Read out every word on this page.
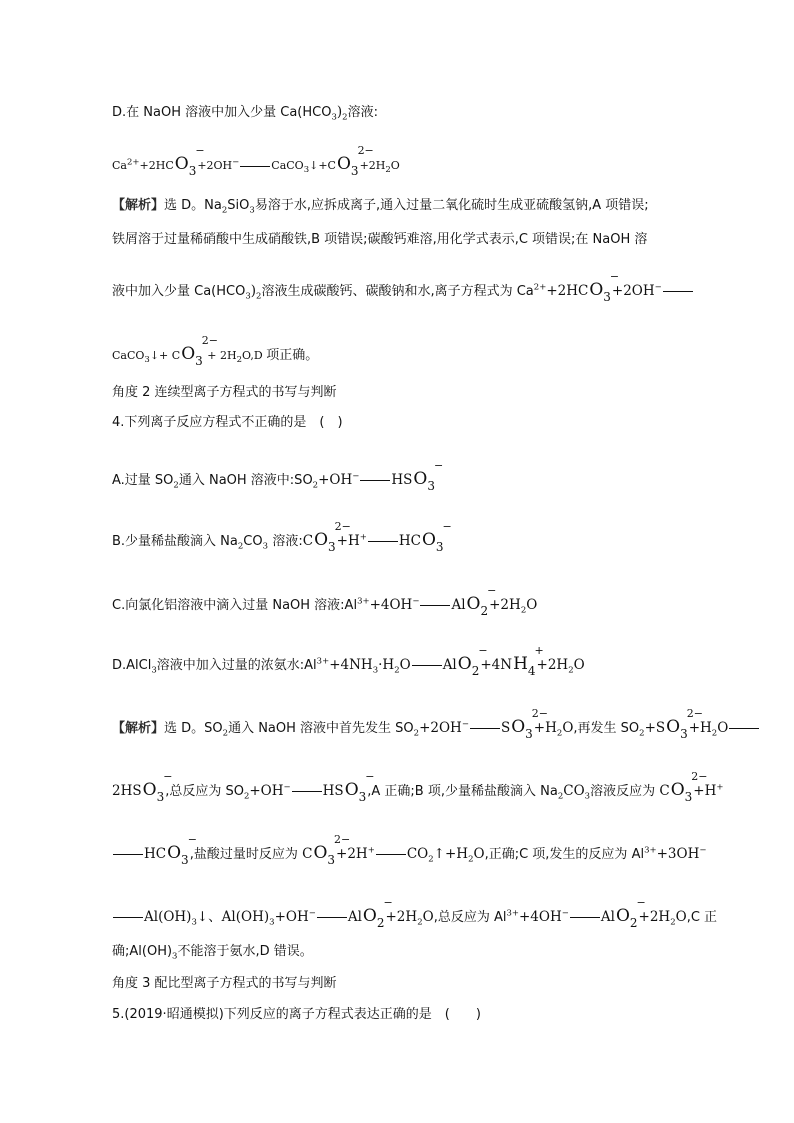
D.在 NaOH 溶液中加入少量 $Ca(HCO_3)_2$溶液:
$Ca^{2+}+2HCO$
−
$_3$+2OH−	CaCO$_3$↓+CO
2−
$_3+2H_2O$
【解析】选 D。$Na_2SiO_3$易溶于水,应拆成离子,通入过量二氧化硫时生成亚硫酸氢钠,A 项错误;
铁屑溶于过量稀硝酸中生成硝酸铁,B 项错误;碳酸钙难溶,用化学式表示,C 项错误;在 NaOH 溶
液中加入少量 $Ca(HCO_3)_2$溶液生成碳酸钙、碳酸钠和水,离子方程式为 $Ca^{2+}+2HCO$
−
$_3$+2OH−
CaCO$_3$↓+ CO
2−
$_3 + 2H_2O,D$ 项正确。
角度 2 连续型离子方程式的书写与判断
4.下列离子反应方程式不正确的是　(　)
A.过量 $SO_2$通入 NaOH 溶液中$:SO_2+OH^-$ HSO
−
$_3$
B.少量稀盐酸滴入 $Na_2CO_3$ 溶液:CO
2−
$_3$+H+ HCO
−
$_3$
C.向氯化铝溶液中滴入过量 NaOH 溶液$:Al^{3+}+4OH^-$ AlO
−
$_2+2H_2O$
D.AlCl$_3$溶液中加入过量的浓氨水$:Al^{3+}+4NH_3\cdot H_2O$ AlO
−
$_2$+4NH
+
$_4+2H_2O$
【解析】选 D。$SO_2$通入 NaOH 溶液中首先发生 $SO_2+2OH^-$ SO
2−
$_3+H_2O$,再发生 $SO_2+SO$
2−
$_3+H_2O$
2HSO
−
$_3$,总反应为 $SO_2+OH^-$ HSO
−
$_3$,A 正确;B 项,少量稀盐酸滴入 $Na_2CO_3$溶液反应为 CO
2−
$_3$+H+
HCO
−
$_3$,盐酸过量时反应为 CO
2−
$_3$+2H+ $CO_2↑+H_2O$,正确;C 项,发生的反应为 $Al^{3+}+3OH^-$
$Al(OH)_3↓$、$Al(OH)_3+OH^-$ AlO
−
$_2+2H_2O$,总反应为 $Al^{3+}+4OH^-$ AlO
−
$_2+2H_2O,C$ 正
确$;Al(OH)_3$不能溶于氨水,D 错误。
角度 3 配比型离子方程式的书写与判断
5.(2019·昭通模拟)下列反应的离子方程式表达正确的是　(　　)
